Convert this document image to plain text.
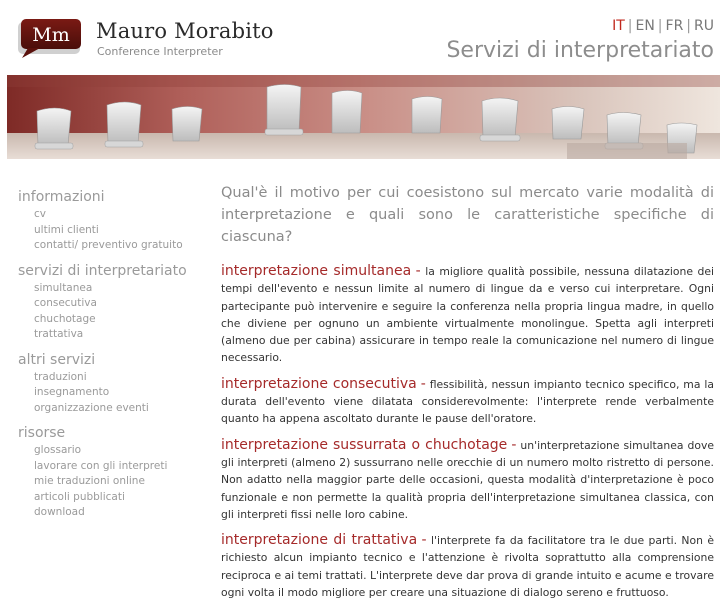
Mm Mauro Morabito
Conference Interpreter
IT | EN | FR | RU
Servizi di interpretariato
informazioni
cv
ultimi clienti
contatti/ preventivo gratuito
servizi di interpretariato
simultanea
consecutiva
chuchotage
trattativa
altri servizi
traduzioni
insegnamento
organizzazione eventi
risorse
glossario
lavorare con gli interpreti
mie traduzioni online
articoli pubblicati
download

Qual'è il motivo per cui coesistono sul mercato varie modalità di interpretazione e quali sono le caratteristiche specifiche di ciascuna?

interpretazione simultanea - la migliore qualità possibile, nessuna dilatazione dei tempi dell'evento e nessun limite al numero di lingue da e verso cui interpretare. Ogni partecipante può intervenire e seguire la conferenza nella propria lingua madre, in quello che diviene per ognuno un ambiente virtualmente monolingue. Spetta agli interpreti (almeno due per cabina) assicurare in tempo reale la comunicazione nel numero di lingue necessario.

interpretazione consecutiva - flessibilità, nessun impianto tecnico specifico, ma la durata dell'evento viene dilatata considerevolmente: l'interprete rende verbalmente quanto ha appena ascoltato durante le pause dell'oratore.

interpretazione sussurrata o chuchotage - un'interpretazione simultanea dove gli interpreti (almeno 2) sussurrano nelle orecchie di un numero molto ristretto di persone. Non adatto nella maggior parte delle occasioni, questa modalità d'interpretazione è poco funzionale e non permette la qualità propria dell'interpretazione simultanea classica, con gli interpreti fissi nelle loro cabine.

interpretazione di trattativa - l'interprete fa da facilitatore tra le due parti. Non è richiesto alcun impianto tecnico e l'attenzione è rivolta soprattutto alla comprensione reciproca e ai temi trattati. L'interprete deve dar prova di grande intuito e acume e trovare ogni volta il modo migliore per creare una situazione di dialogo sereno e fruttuoso.
